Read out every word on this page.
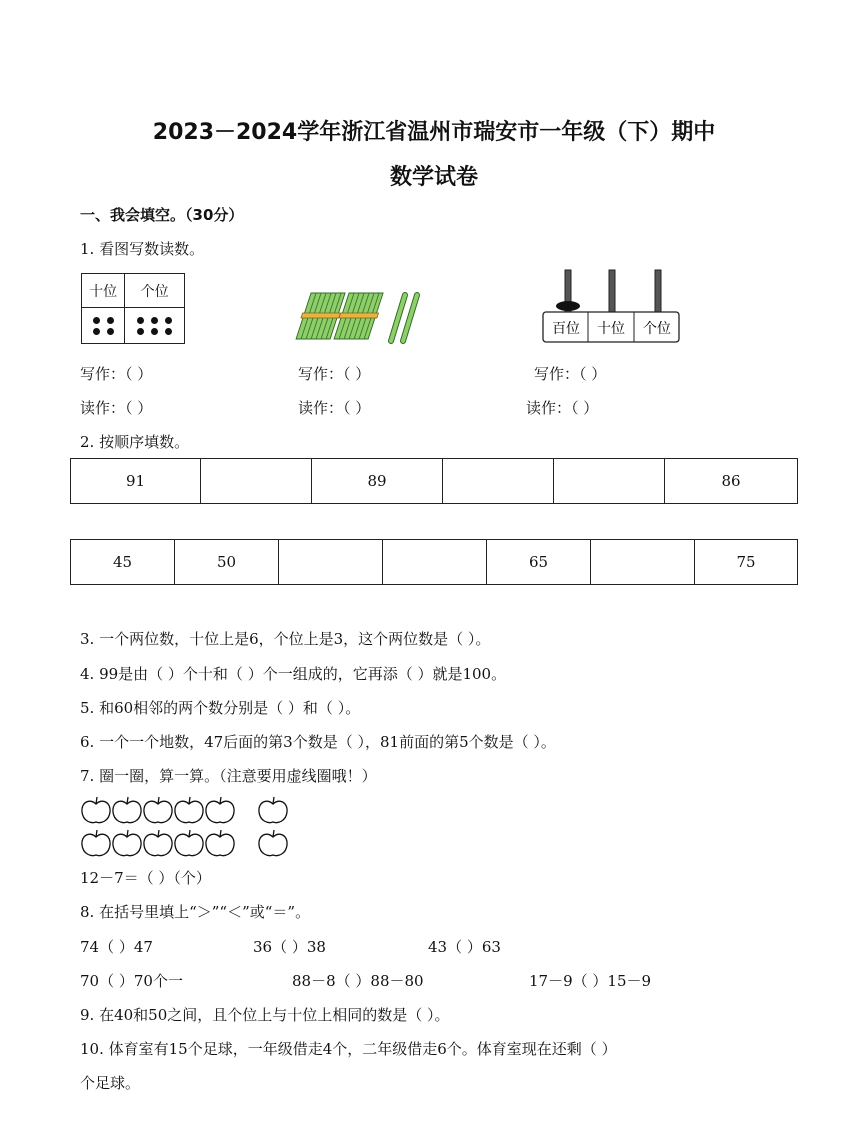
2023－2024学年浙江省温州市瑞安市一年级（下）期中
数学试卷
一、我会填空。（30分）
1. 看图写数读数。
十位	个位

百位 十位 个位
写作：（ ）	写作：（ ）	写作：（ ）
读作：（ ）	读作：（ ）	读作：（ ）
2. 按顺序填数。
91		89			86
45	50			65		75
3. 一个两位数，十位上是6，个位上是3，这个两位数是（ ）。
4. 99是由（ ）个十和（ ）个一组成的，它再添（ ）就是100。
5. 和60相邻的两个数分别是（ ）和（ ）。
6. 一个一个地数，47后面的第3个数是（ ），81前面的第5个数是（ ）。
7. 圈一圈，算一算。（注意要用虚线圈哦！）
12－7＝（ ）（个）
8. 在括号里填上“＞”“＜”或“＝”。
74（ ）47	36（ ）38	43（ ）63
70（ ）70个一	88－8（ ）88－80	17－9（ ）15－9
9. 在40和50之间，且个位上与十位上相同的数是（ ）。
10. 体育室有15个足球，一年级借走4个，二年级借走6个。体育室现在还剩（ ）
个足球。
